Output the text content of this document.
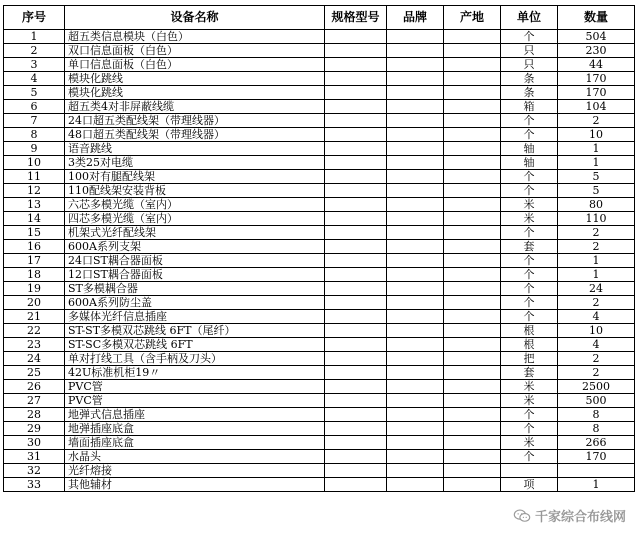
序号	设备名称	规格型号	品牌	产地	单位	数量
1	超五类信息模块（白色）				个	504
2	双口信息面板（白色）				只	230
3	单口信息面板（白色）				只	44
4	模块化跳线				条	170
5	模块化跳线				条	170
6	超五类4对非屏蔽线缆				箱	104
7	24口超五类配线架（带理线器）				个	2
8	48口超五类配线架（带理线器）				个	10
9	语音跳线				轴	1
10	3类25对电缆				轴	1
11	100对有腿配线架				个	5
12	110配线架安装背板				个	5
13	六芯多模光缆（室内）				米	80
14	四芯多模光缆（室内）				米	110
15	机架式光纤配线架				个	2
16	600A系列支架				套	2
17	24口ST耦合器面板				个	1
18	12口ST耦合器面板				个	1
19	ST多模耦合器				个	24
20	600A系列防尘盖				个	2
21	多媒体光纤信息插座				个	4
22	ST-ST多模双芯跳线 6FT（尾纤）				根	10
23	ST-SC多模双芯跳线 6FT				根	4
24	单对打线工具（含手柄及刀头）				把	2
25	42U标准机柜19〃				套	2
26	PVC管				米	2500
27	PVC管				米	500
28	地弹式信息插座				个	8
29	地弹插座底盒				个	8
30	墙面插座底盒				米	266
31	水晶头				个	170
32	光纤熔接					
33	其他辅材				项	1
千家综合布线网
